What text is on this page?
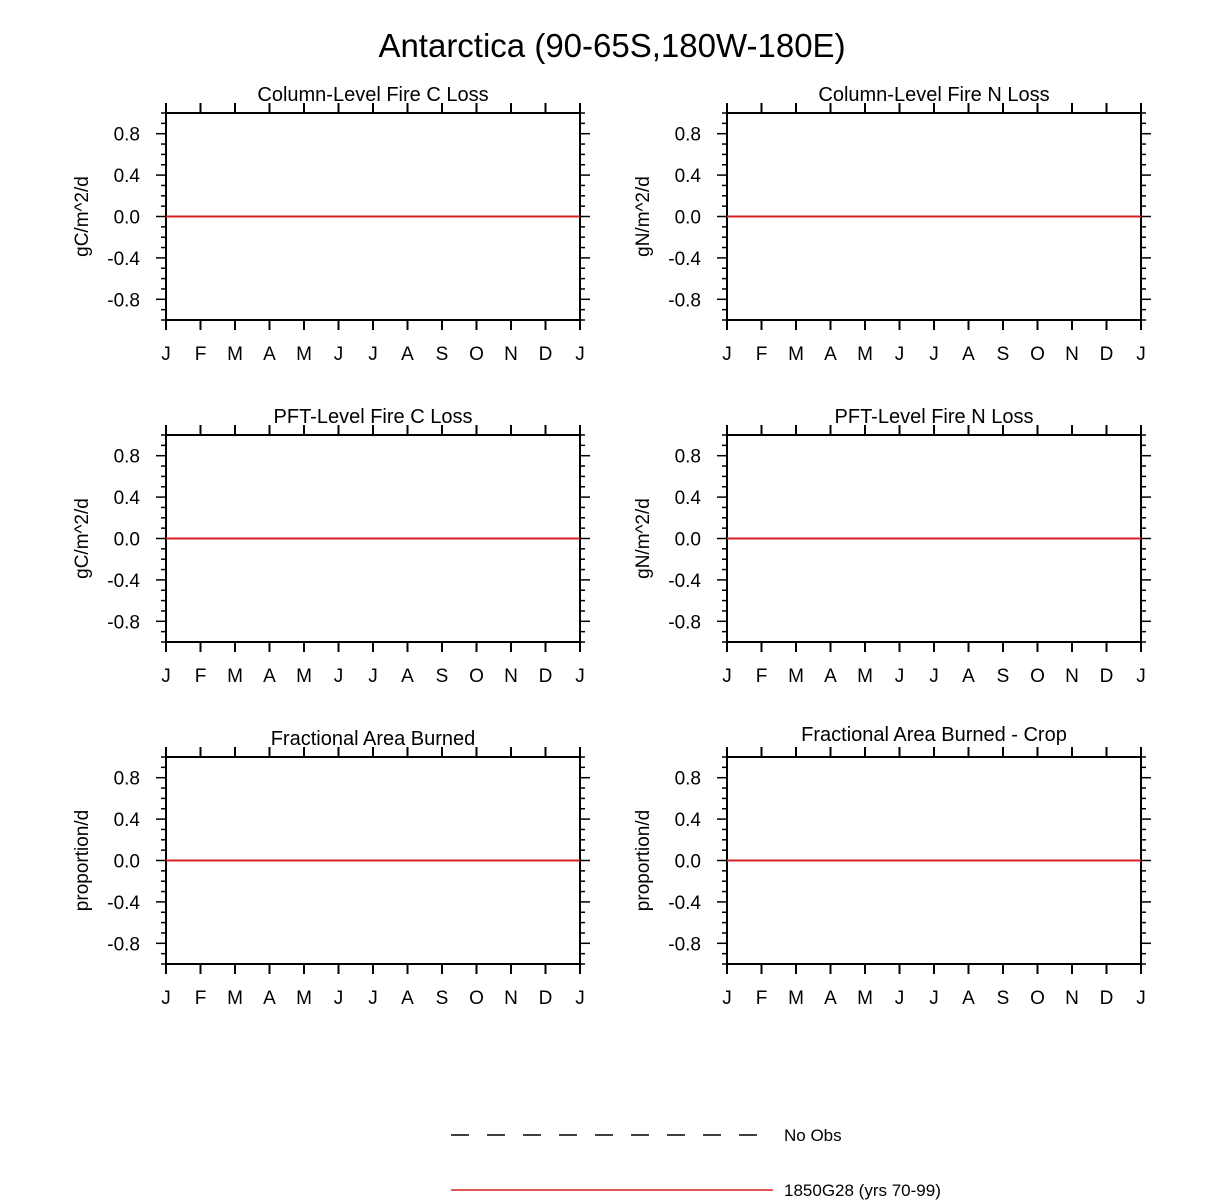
Antarctica (90-65S,180W-180E)
Column-Level Fire C Loss
J F M A M J J A S O N D J
0.8
0.4
0.0
-0.4
-0.8
gC/m^2/d
Column-Level Fire N Loss
J F M A M J J A S O N D J
0.8
0.4
0.0
-0.4
-0.8
gN/m^2/d
PFT-Level Fire C Loss
J F M A M J J A S O N D J
0.8
0.4
0.0
-0.4
-0.8
gC/m^2/d
PFT-Level Fire N Loss
J F M A M J J A S O N D J
0.8
0.4
0.0
-0.4
-0.8
gN/m^2/d
Fractional Area Burned
J F M A M J J A S O N D J
0.8
0.4
0.0
-0.4
-0.8
proportion/d
Fractional Area Burned - Crop
J F M A M J J A S O N D J
0.8
0.4
0.0
-0.4
-0.8
proportion/d
No Obs
1850G28 (yrs 70-99)
